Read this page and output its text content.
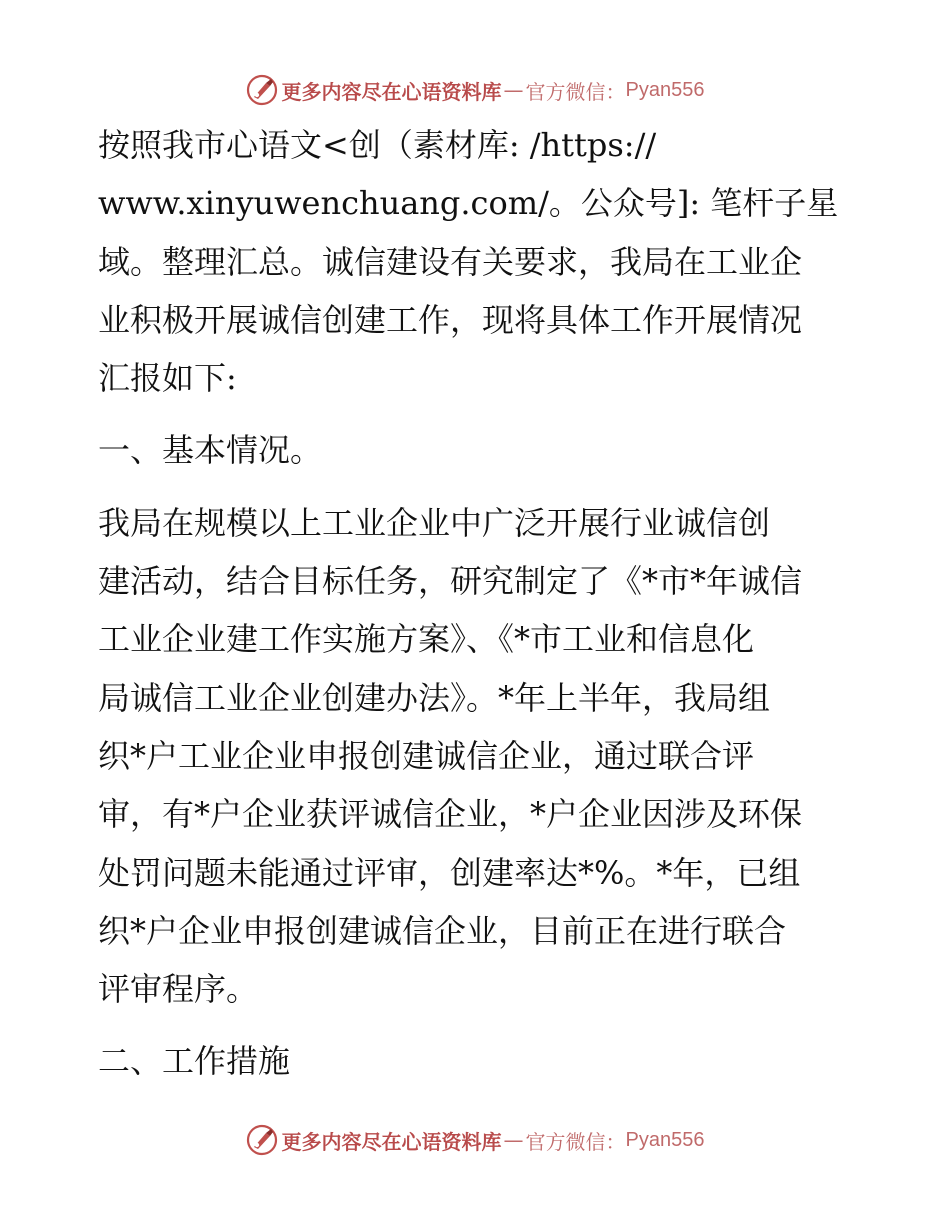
更多内容尽在心语资料库 — 官方微信： Pyan556
按照我市心语文<创（素材库: /https://
www.xinyuwenchuang.com/。公众号]: 笔杆子星
域。整理汇总。诚信建设有关要求，我局在工业企
业积极开展诚信创建工作，现将具体工作开展情况
汇报如下:
一、基本情况。
我局在规模以上工业企业中广泛开展行业诚信创
建活动，结合目标任务，研究制定了《*市*年诚信
工业企业建工作实施方案》、《*市工业和信息化
局诚信工业企业创建办法》。*年上半年，我局组
织*户工业企业申报创建诚信企业，通过联合评
审，有*户企业获评诚信企业，*户企业因涉及环保
处罚问题未能通过评审，创建率达*%。*年，已组
织*户企业申报创建诚信企业，目前正在进行联合
评审程序。
二、工作措施
更多内容尽在心语资料库 — 官方微信： Pyan556
